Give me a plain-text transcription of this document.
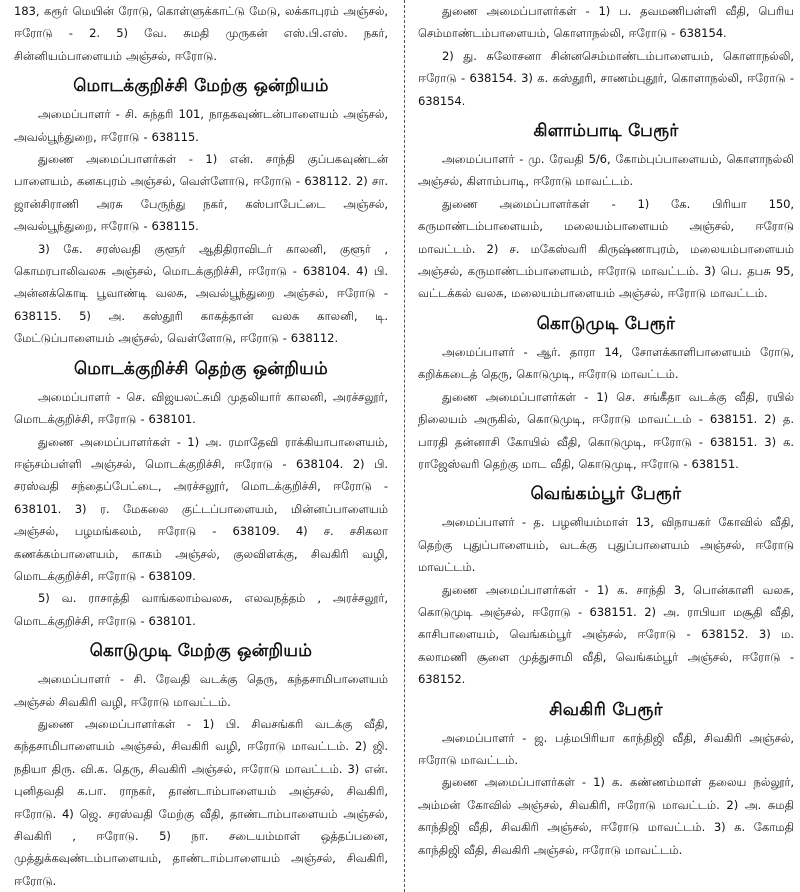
183, கரூர் மெயின் ரோடு, கொள்ளுக்காட்டு மேடு, லக்காபுரம் அஞ்சல், ஈரோடு - 2. 5) வே. சுமதி முருகன் எஸ்.பி.எஸ். நகர், சின்னியம்பாளையம் அஞ்சல், ஈரோடு.

மொடக்குறிச்சி மேற்கு ஒன்றியம்

அமைப்பாளர் - சி. சுந்தரி 101, நாதகவுண்டன்பாளையம் அஞ்சல், அவல்பூந்துறை, ஈரோடு - 638115.

துணை அமைப்பாளர்கள் - 1) என். சாந்தி குப்பகவுண்டன் பாளையம், கனகபுரம் அஞ்சல், வெள்ளோடு, ஈரோடு - 638112. 2) சா. ஜான்சிராணி அரசு பேருந்து நகர், கஸ்பாபேட்டை அஞ்சல், அவல்பூந்துறை, ஈரோடு - 638115.

3) கே. சரஸ்வதி குளூர் ஆதிதிராவிடர் காலனி, குளூர் , கொமரபாலிவலசு அஞ்சல், மொடக்குறிச்சி, ஈரோடு - 638104. 4) பி. அன்னக்கொடி பூவாண்டி வலசு, அவல்பூந்துறை அஞ்சல், ஈரோடு - 638115. 5) அ. கஸ்தூரி காகத்தான் வலசு காலனி, டி. மேட்டுப்பாளையம் அஞ்சல், வெள்ளோடு, ஈரோடு - 638112.

மொடக்குறிச்சி தெற்கு ஒன்றியம்

அமைப்பாளர் - செ. விஜயலட்சுமி முதலியார் காலனி, அரச்சலூர், மொடக்குறிச்சி, ஈரோடு - 638101.

துணை அமைப்பாளர்கள் - 1) அ. ரமாதேவி ராக்கியாபாளையம், ஈஞ்சம்பள்ளி அஞ்சல், மொடக்குறிச்சி, ஈரோடு - 638104. 2) பி. சரஸ்வதி சந்தைப்பேட்டை, அரச்சலூர், மொடக்குறிச்சி, ஈரோடு - 638101. 3) ர. மேகலை குட்டப்பாளையம், மின்னப்பாளையம் அஞ்சல், பழமங்கலம், ஈரோடு - 638109. 4) ச. சசிகலா கணக்கம்பாளையம், காகம் அஞ்சல், குலவிளக்கு, சிவகிரி வழி, மொடக்குறிச்சி, ஈரோடு - 638109.

5) வ. ராசாத்தி வாங்கலாம்வலசு, எலவநத்தம் , அரச்சலூர், மொடக்குறிச்சி, ஈரோடு - 638101.

கொடுமுடி மேற்கு ஒன்றியம்

அமைப்பாளர் - சி. ரேவதி வடக்கு தெரு, கந்தசாமிபாளையம் அஞ்சல் சிவகிரி வழி, ஈரோடு மாவட்டம்.

துணை அமைப்பாளர்கள் - 1) பி. சிவசங்கரி வடக்கு வீதி, கந்தசாமிபாளையம் அஞ்சல், சிவகிரி வழி, ஈரோடு மாவட்டம். 2) ஜி. நதியா திரு. வி.க. தெரு, சிவகிரி அஞ்சல், ஈரோடு மாவட்டம். 3) என். புனிதவதி க.பா. ராநகர், தாண்டாம்பாளையம் அஞ்சல், சிவகிரி, ஈரோடு. 4) ஜெ. சரஸ்வதி மேற்கு வீதி, தாண்டாம்பாளையம் அஞ்சல், சிவகிரி , ஈரோடு. 5) நா. சடையம்மாள் ஒத்தப்பனை, முத்துக்கவுண்டம்பாளையம், தாண்டாம்பாளையம் அஞ்சல், சிவகிரி, ஈரோடு.

துணை அமைப்பாளர்கள் - 1) ப. தவமணிபள்ளி வீதி, பெரிய செம்மாண்டம்பாளையம், கொளாநல்லி, ஈரோடு - 638154.

2) து. சுலோசனா சின்னசெம்மாண்டம்பாளையம், கொளாநல்லி, ஈரோடு - 638154. 3) க. கஸ்தூரி, சாணம்புதூர், கொளாநல்லி, ஈரோடு - 638154.

கிளாம்பாடி பேரூர்

அமைப்பாளர் - மு. ரேவதி 5/6, கோம்புப்பாளையம், கொளாநல்லி அஞ்சல், கிளாம்பாடி, ஈரோடு மாவட்டம்.

துணை அமைப்பாளர்கள் - 1) கே. பிரியா 150, கருமாண்டம்பாளையம், மலையம்பாளையம் அஞ்சல், ஈரோடு மாவட்டம். 2) ச. மகேஸ்வரி கிருஷ்ணாபுரம், மலையம்பாளையம் அஞ்சல், கருமாண்டம்பாளையம், ஈரோடு மாவட்டம். 3) பெ. தபசு 95, வட்டக்கல் வலசு, மலையம்பாளையம் அஞ்சல், ஈரோடு மாவட்டம்.

கொடுமுடி பேரூர்

அமைப்பாளர் - ஆர். தாரா 14, சோளக்காளிபாளையம் ரோடு, கறிக்கடைத் தெரு, கொடுமுடி, ஈரோடு மாவட்டம்.

துணை அமைப்பாளர்கள் - 1) செ. சங்கீதா வடக்கு வீதி, ரயில் நிலையம் அருகில், கொடுமுடி, ஈரோடு மாவட்டம் - 638151. 2) த. பாரதி தன்னாசி கோயில் வீதி, கொடுமுடி, ஈரோடு - 638151. 3) க. ராஜேஸ்வரி தெற்கு மாட வீதி, கொடுமுடி, ஈரோடு - 638151.

வெங்கம்பூர் பேரூர்

அமைப்பாளர் - த. பழனியம்மாள் 13, விநாயகர் கோவில் வீதி, தெற்கு புதுப்பாளையம், வடக்கு புதுப்பாளையம் அஞ்சல், ஈரோடு மாவட்டம்.

துணை அமைப்பாளர்கள் - 1) க. சாந்தி 3, பொன்காளி வலசு, கொடுமுடி அஞ்சல், ஈரோடு - 638151. 2) அ. ராபியா மசூதி வீதி, காசிபாளையம், வெங்கம்பூர் அஞ்சல், ஈரோடு - 638152. 3) ம. கலாமணி சூளை முத்துசாமி வீதி, வெங்கம்பூர் அஞ்சல், ஈரோடு - 638152.

சிவகிரி பேரூர்

அமைப்பாளர் - ஜ. பத்மபிரியா காந்திஜி வீதி, சிவகிரி அஞ்சல், ஈரோடு மாவட்டம்.

துணை அமைப்பாளர்கள் - 1) க. கண்ணம்மாள் தலைய நல்லூர், அம்மன் கோவில் அஞ்சல், சிவகிரி, ஈரோடு மாவட்டம். 2) அ. சுமதி காந்திஜி வீதி, சிவகிரி அஞ்சல், ஈரோடு மாவட்டம். 3) க. கோமதி காந்திஜி வீதி, சிவகிரி அஞ்சல், ஈரோடு மாவட்டம்.
